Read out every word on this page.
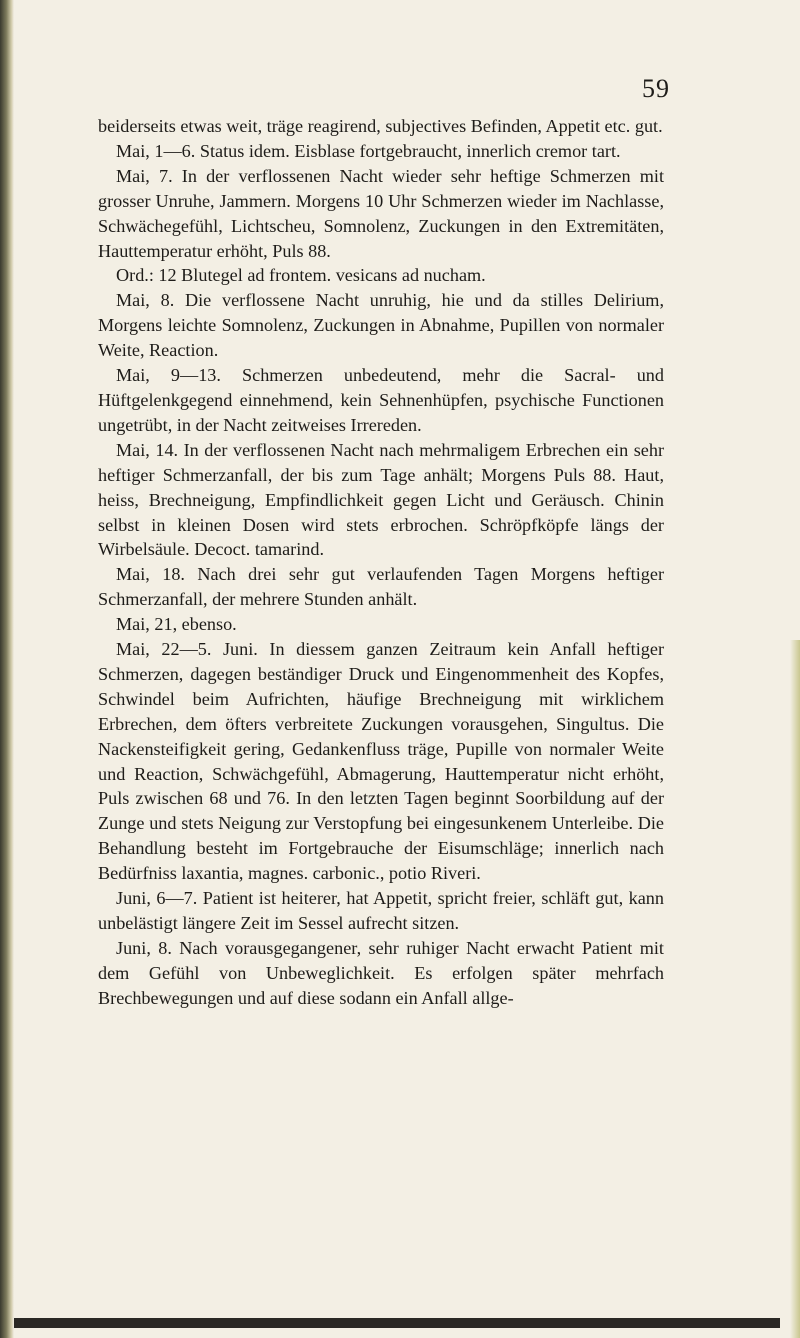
59

beiderseits etwas weit, träge reagirend, subjectives Befinden, Appetit etc. gut.

Mai, 1—6. Status idem. Eisblase fortgebraucht, innerlich cremor tart.

Mai, 7. In der verflossenen Nacht wieder sehr heftige Schmerzen mit grosser Unruhe, Jammern. Morgens 10 Uhr Schmerzen wieder im Nachlasse, Schwächegefühl, Lichtscheu, Somnolenz, Zuckungen in den Extremitäten, Hauttemperatur erhöht, Puls 88.

Ord.: 12 Blutegel ad frontem. vesicans ad nucham.

Mai, 8. Die verflossene Nacht unruhig, hie und da stilles Delirium, Morgens leichte Somnolenz, Zuckungen in Abnahme, Pupillen von normaler Weite, Reaction.

Mai, 9—13. Schmerzen unbedeutend, mehr die Sacral- und Hüftgelenkgegend einnehmend, kein Sehnenhüpfen, psychische Functionen ungetrübt, in der Nacht zeitweises Irrereden.

Mai, 14. In der verflossenen Nacht nach mehrmaligem Erbrechen ein sehr heftiger Schmerzanfall, der bis zum Tage anhält; Morgens Puls 88. Haut, heiss, Brechneigung, Empfindlichkeit gegen Licht und Geräusch. Chinin selbst in kleinen Dosen wird stets erbrochen. Schröpfköpfe längs der Wirbelsäule. Decoct. tamarind.

Mai, 18. Nach drei sehr gut verlaufenden Tagen Morgens heftiger Schmerzanfall, der mehrere Stunden anhält.

Mai, 21, ebenso.

Mai, 22—5. Juni. In diessem ganzen Zeitraum kein Anfall heftiger Schmerzen, dagegen beständiger Druck und Eingenommenheit des Kopfes, Schwindel beim Aufrichten, häufige Brechneigung mit wirklichem Erbrechen, dem öfters verbreitete Zuckungen vorausgehen, Singultus. Die Nackensteifigkeit gering, Gedankenfluss träge, Pupille von normaler Weite und Reaction, Schwächgefühl, Abmagerung, Hauttemperatur nicht erhöht, Puls zwischen 68 und 76. In den letzten Tagen beginnt Soorbildung auf der Zunge und stets Neigung zur Verstopfung bei eingesunkenem Unterleibe. Die Behandlung besteht im Fortgebrauche der Eisumschläge; innerlich nach Bedürfniss laxantia, magnes. carbonic., potio Riveri.

Juni, 6—7. Patient ist heiterer, hat Appetit, spricht freier, schläft gut, kann unbelästigt längere Zeit im Sessel aufrecht sitzen.

Juni, 8. Nach vorausgegangener, sehr ruhiger Nacht erwacht Patient mit dem Gefühl von Unbeweglichkeit. Es erfolgen später mehrfach Brechbewegungen und auf diese sodann ein Anfall allge-
